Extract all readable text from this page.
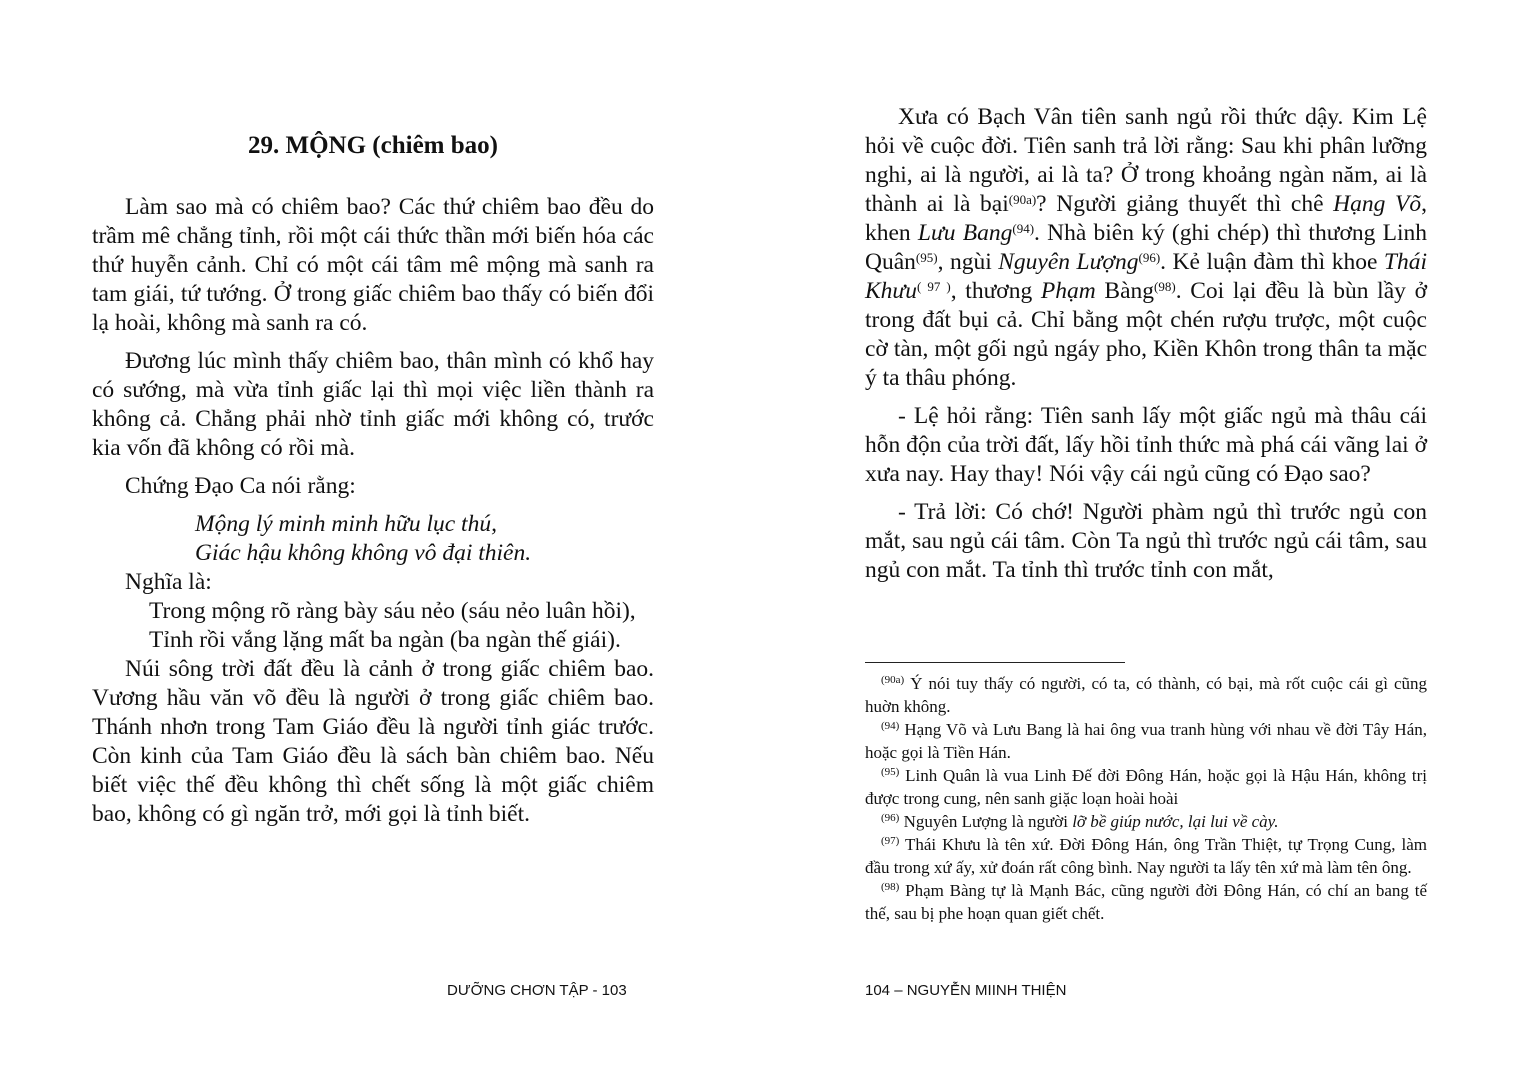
29. MỘNG (chiêm bao)

Làm sao mà có chiêm bao? Các thứ chiêm bao đều do trầm mê chẳng tỉnh, rồi một cái thức thần mới biến hóa các thứ huyễn cảnh. Chỉ có một cái tâm mê mộng mà sanh ra tam giái, tứ tướng. Ở trong giấc chiêm bao thấy có biến đổi lạ hoài, không mà sanh ra có.

Đương lúc mình thấy chiêm bao, thân mình có khổ hay có sướng, mà vừa tỉnh giấc lại thì mọi việc liền thành ra không cả. Chẳng phải nhờ tỉnh giấc mới không có, trước kia vốn đã không có rồi mà.

Chứng Đạo Ca nói rằng:

Mộng lý minh minh hữu lục thú,

Giác hậu không không vô đại thiên.

Nghĩa là:

Trong mộng rõ ràng bày sáu nẻo (sáu nẻo luân hồi),

Tỉnh rồi vắng lặng mất ba ngàn (ba ngàn thế giái).

Núi sông trời đất đều là cảnh ở trong giấc chiêm bao. Vương hầu văn võ đều là người ở trong giấc chiêm bao. Thánh nhơn trong Tam Giáo đều là người tỉnh giác trước. Còn kinh của Tam Giáo đều là sách bàn chiêm bao. Nếu biết việc thế đều không thì chết sống là một giấc chiêm bao, không có gì ngăn trở, mới gọi là tỉnh biết.

DƯỠNG CHƠN TẬP - 103

Xưa có Bạch Vân tiên sanh ngủ rồi thức dậy. Kim Lệ hỏi về cuộc đời. Tiên sanh trả lời rằng: Sau khi phân lưỡng nghi, ai là người, ai là ta? Ở trong khoảng ngàn năm, ai là thành ai là bại$^{(90a)}$? Người giảng thuyết thì chê Hạng Võ, khen Lưu Bang$^{(94)}$. Nhà biên ký (ghi chép) thì thương Linh Quân$^{(95)}$, ngùi Nguyên Lượng$^{(96)}$. Kẻ luận đàm thì khoe Thái Khưu$^{( 97 )}$, thương Phạm Bàng$^{(98)}$. Coi lại đều là bùn lầy ở trong đất bụi cả. Chỉ bằng một chén rượu trược, một cuộc cờ tàn, một gối ngủ ngáy pho, Kiền Khôn trong thân ta mặc ý ta thâu phóng.

- Lệ hỏi rằng: Tiên sanh lấy một giấc ngủ mà thâu cái hỗn độn của trời đất, lấy hồi tỉnh thức mà phá cái vãng lai ở xưa nay. Hay thay! Nói vậy cái ngủ cũng có Đạo sao?

- Trả lời: Có chớ! Người phàm ngủ thì trước ngủ con mắt, sau ngủ cái tâm. Còn Ta ngủ thì trước ngủ cái tâm, sau ngủ con mắt. Ta tỉnh thì trước tỉnh con mắt,

$^{(90a)}$ Ý nói tuy thấy có người, có ta, có thành, có bại, mà rốt cuộc cái gì cũng huờn không.

$^{(94)}$ Hạng Võ và Lưu Bang là hai ông vua tranh hùng với nhau về đời Tây Hán, hoặc gọi là Tiền Hán.

$^{(95)}$ Linh Quân là vua Linh Đế đời Đông Hán, hoặc gọi là Hậu Hán, không trị được trong cung, nên sanh giặc loạn hoài hoài

$^{(96)}$ Nguyên Lượng là người lỡ bề giúp nước, lại lui về cày.

$^{(97)}$ Thái Khưu là tên xứ. Đời Đông Hán, ông Trần Thiệt, tự Trọng Cung, làm đầu trong xứ ấy, xử đoán rất công bình. Nay người ta lấy tên xứ mà làm tên ông.

$^{(98)}$ Phạm Bàng tự là Mạnh Bác, cũng người đời Đông Hán, có chí an bang tế thế, sau bị phe hoạn quan giết chết.

104 – NGUYỄN MIINH THIỆN
